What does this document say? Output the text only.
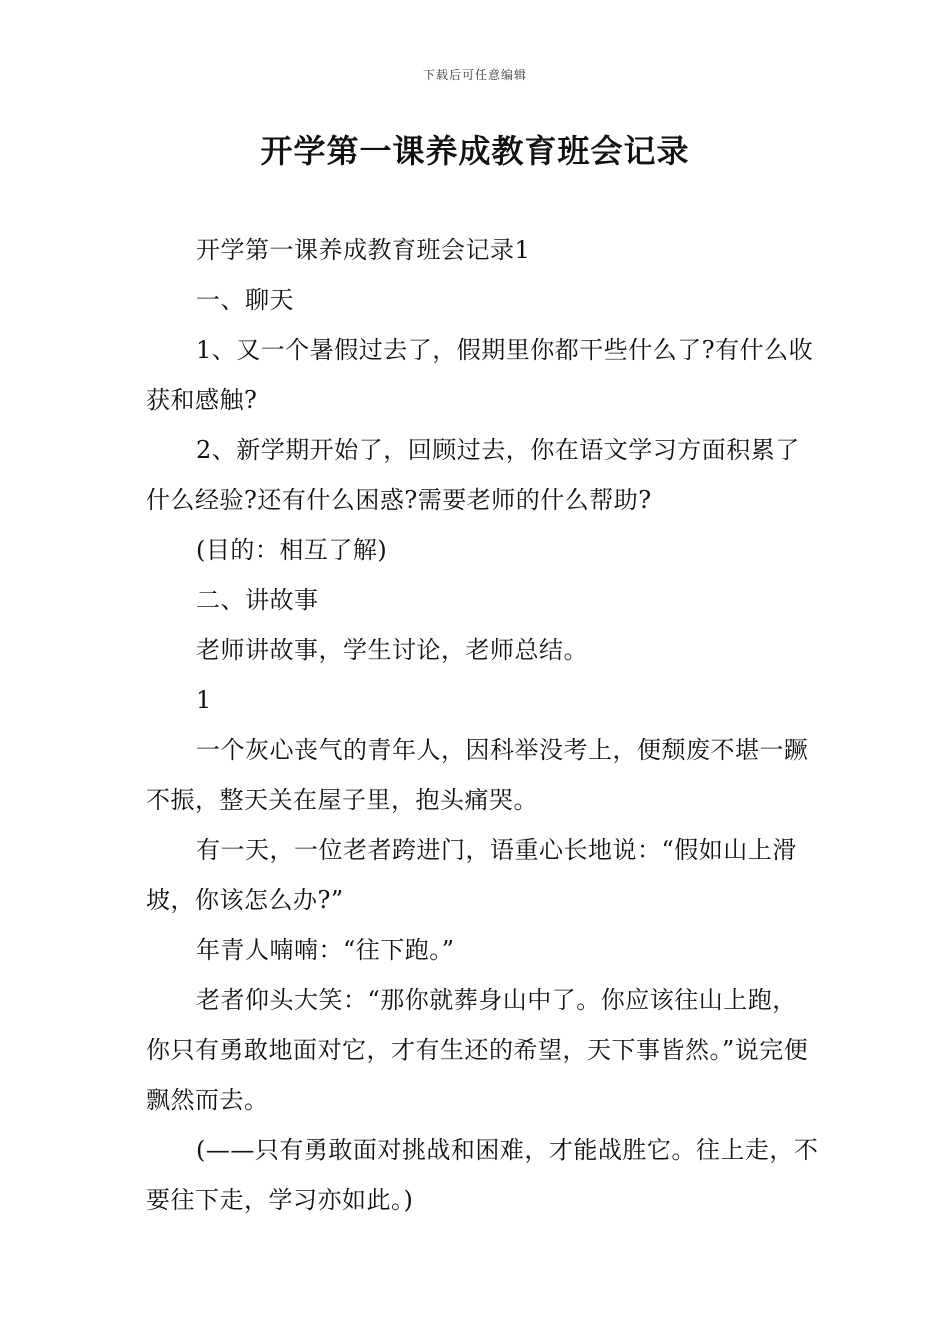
下载后可任意编辑
开学第一课养成教育班会记录

开学第一课养成教育班会记录1

一、聊天

1、又一个暑假过去了，假期里你都干些什么了?有什么收获和感触?

2、新学期开始了，回顾过去，你在语文学习方面积累了什么经验?还有什么困惑?需要老师的什么帮助?

(目的：相互了解)

二、讲故事

老师讲故事，学生讨论，老师总结。

1

一个灰心丧气的青年人，因科举没考上，便颓废不堪一蹶不振，整天关在屋子里，抱头痛哭。

有一天，一位老者跨进门，语重心长地说：“假如山上滑坡，你该怎么办?”

年青人喃喃：“往下跑。”

老者仰头大笑：“那你就葬身山中了。你应该往山上跑，你只有勇敢地面对它，才有生还的希望，天下事皆然。”说完便飘然而去。

(——只有勇敢面对挑战和困难，才能战胜它。往上走，不要往下走，学习亦如此。)
